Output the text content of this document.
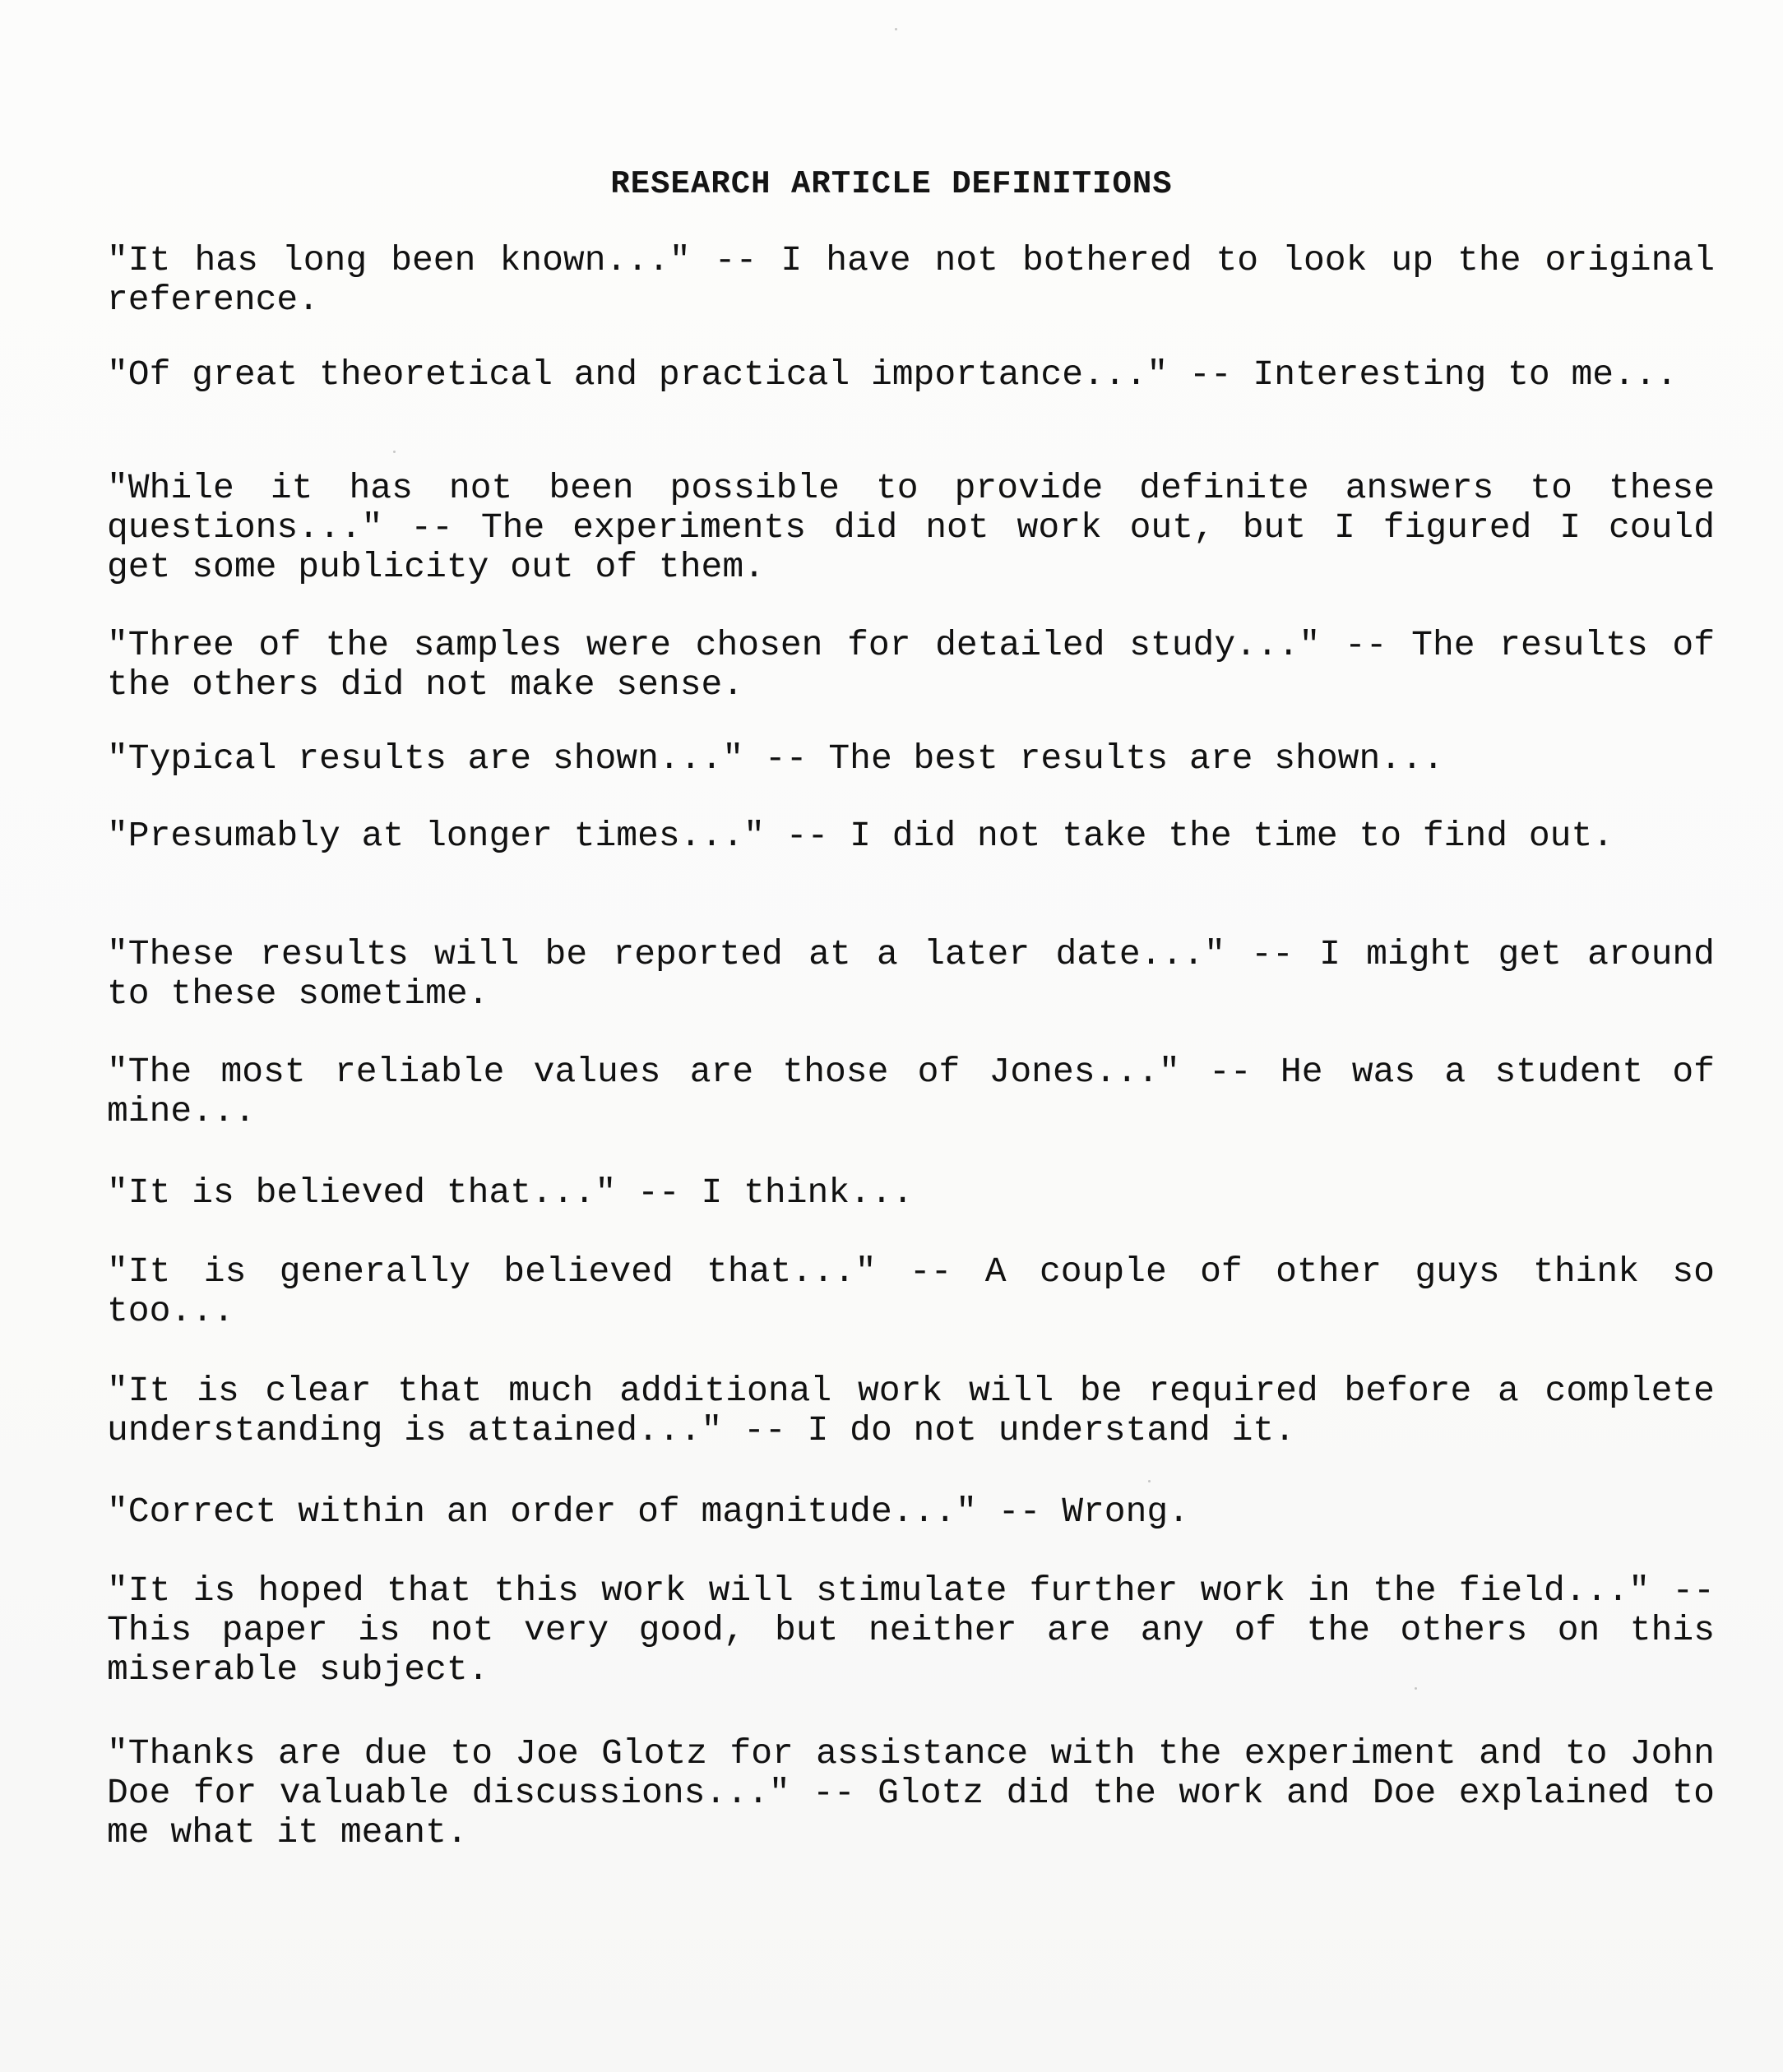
RESEARCH ARTICLE DEFINITIONS

"It has long been known..." -- I have not bothered to look up the original reference.

"Of great theoretical and practical importance..." -- Interesting to me...

"While it has not been possible to provide definite answers to these questions..." -- The experiments did not work out, but I figured I could get some publicity out of them.

"Three of the samples were chosen for detailed study..." -- The results of the others did not make sense.

"Typical results are shown..." -- The best results are shown...

"Presumably at longer times..." -- I did not take the time to find out.

"These results will be reported at a later date..." -- I might get around to these sometime.

"The most reliable values are those of Jones..." -- He was a student of mine...

"It is believed that..." -- I think...

"It is generally believed that..." -- A couple of other guys think so too...

"It is clear that much additional work will be required before a complete understanding is attained..." -- I do not understand it.

"Correct within an order of magnitude..." -- Wrong.

"It is hoped that this work will stimulate further work in the field..." -- This paper is not very good, but neither are any of the others on this miserable subject.

"Thanks are due to Joe Glotz for assistance with the experiment and to John Doe for valuable discussions..." -- Glotz did the work and Doe explained to me what it meant.
